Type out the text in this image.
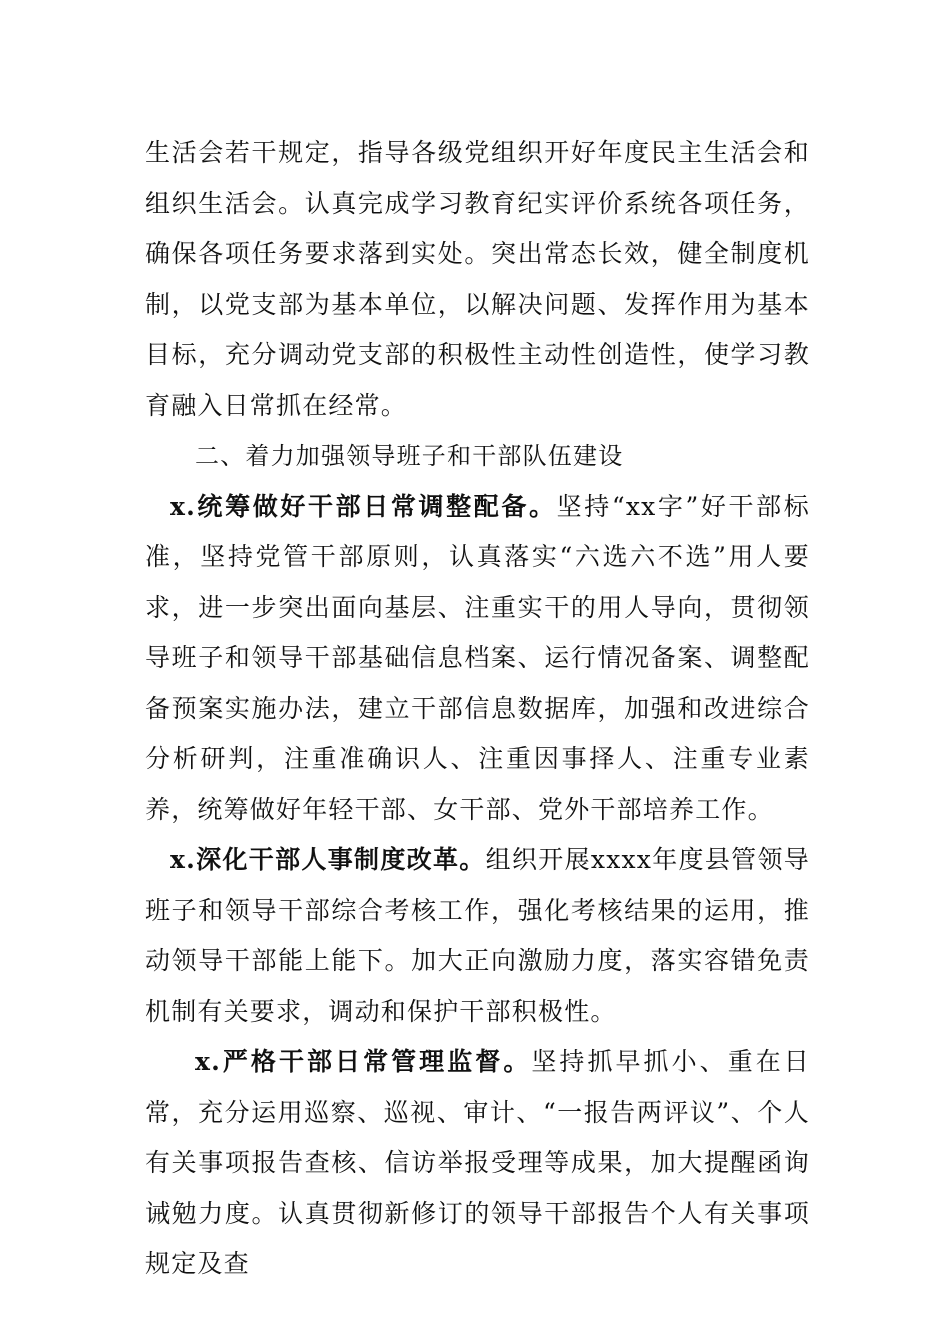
生活会若干规定，指导各级党组织开好年度民主生活会和组织生活会。认真完成学习教育纪实评价系统各项任务，确保各项任务要求落到实处。突出常态长效，健全制度机制，以党支部为基本单位，以解决问题、发挥作用为基本目标，充分调动党支部的积极性主动性创造性，使学习教育融入日常抓在经常。

二、着力加强领导班子和干部队伍建设

x.统筹做好干部日常调整配备。坚持“xx字”好干部标准，坚持党管干部原则，认真落实“六选六不选”用人要求，进一步突出面向基层、注重实干的用人导向，贯彻领导班子和领导干部基础信息档案、运行情况备案、调整配备预案实施办法，建立干部信息数据库，加强和改进综合分析研判，注重准确识人、注重因事择人、注重专业素养，统筹做好年轻干部、女干部、党外干部培养工作。

x.深化干部人事制度改革。组织开展xxxx年度县管领导班子和领导干部综合考核工作，强化考核结果的运用，推动领导干部能上能下。加大正向激励力度，落实容错免责机制有关要求，调动和保护干部积极性。

x.严格干部日常管理监督。坚持抓早抓小、重在日常，充分运用巡察、巡视、审计、“一报告两评议”、个人有关事项报告查核、信访举报受理等成果，加大提醒函询诫勉力度。认真贯彻新修订的领导干部报告个人有关事项规定及查
